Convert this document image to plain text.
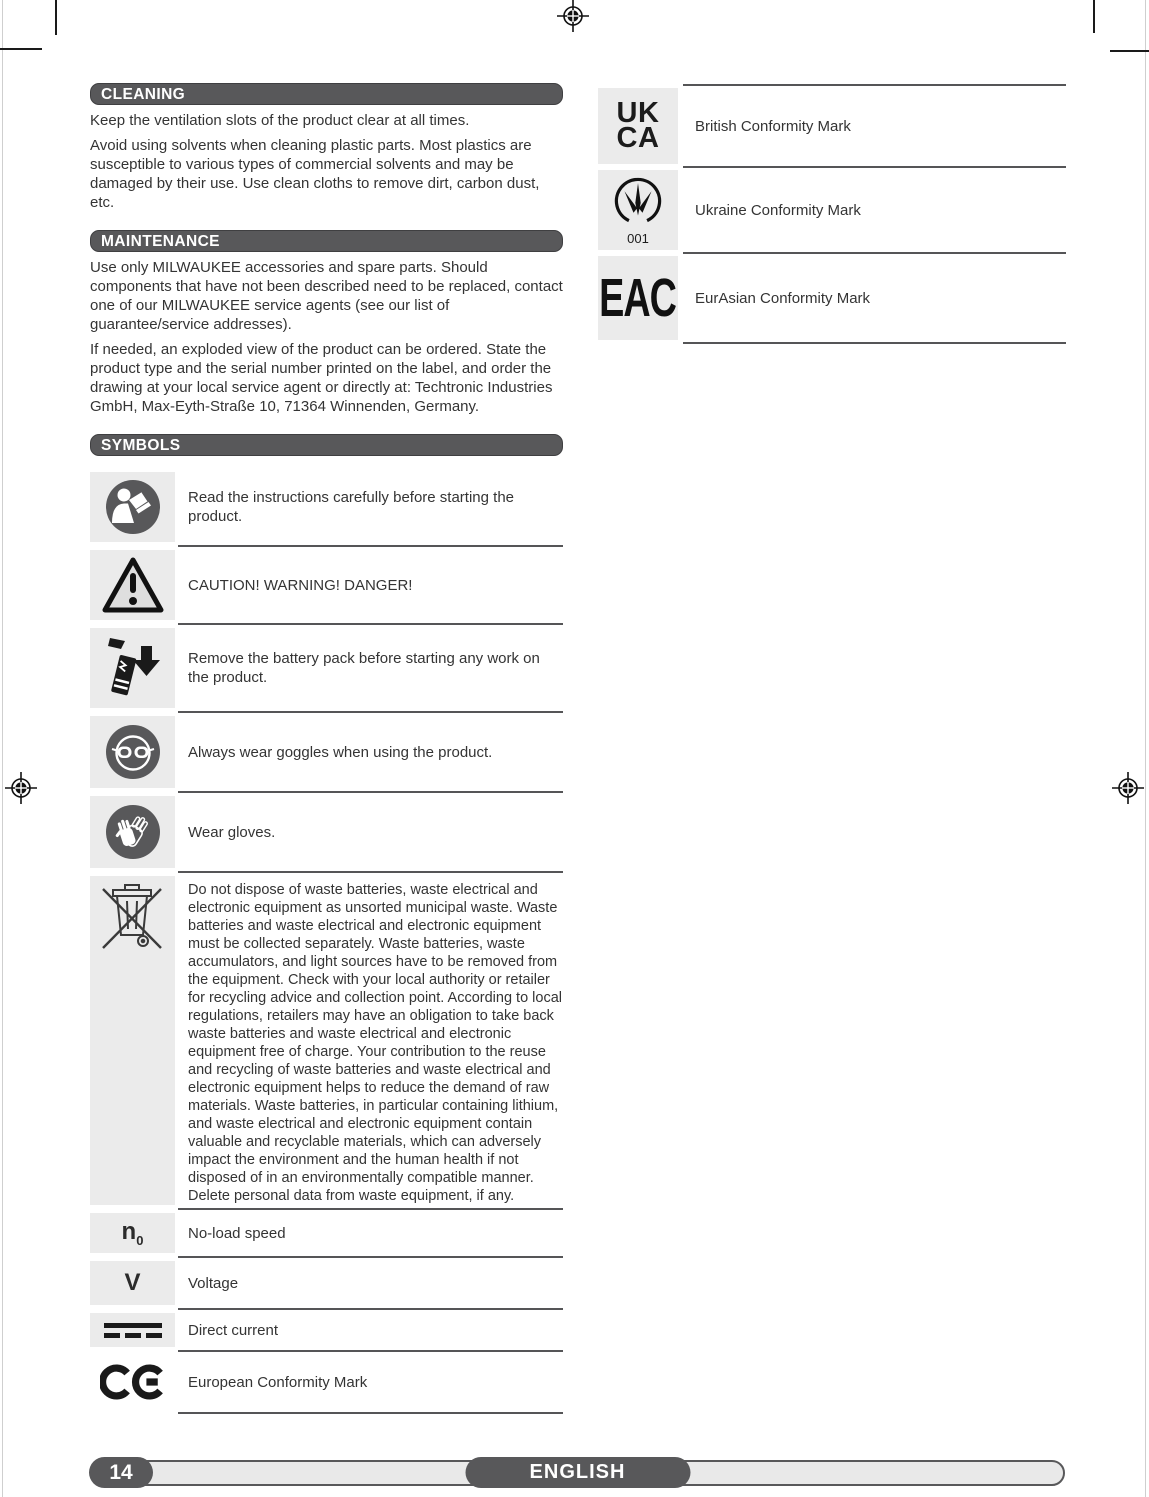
CLEANING
Keep the ventilation slots of the product clear at all times.
Avoid using solvents when cleaning plastic parts. Most plastics are susceptible to various types of commercial solvents and may be damaged by their use. Use clean cloths to remove dirt, carbon dust, etc.
MAINTENANCE
Use only MILWAUKEE accessories and spare parts. Should components that have not been described need to be replaced, contact one of our MILWAUKEE service agents (see our list of guarantee/service addresses).
If needed, an exploded view of the product can be ordered. State the product type and the serial number printed on the label, and order the drawing at your local service agent or directly at: Techtronic Industries GmbH, Max-Eyth-Straße 10, 71364 Winnenden, Germany.
SYMBOLS
Read the instructions carefully before starting the product.
CAUTION! WARNING! DANGER!
Remove the battery pack before starting any work on the product.
Always wear goggles when using the product.
Wear gloves.
Do not dispose of waste batteries, waste electrical and electronic equipment as unsorted municipal waste. Waste batteries and waste electrical and electronic equipment must be collected separately. Waste batteries, waste accumulators, and light sources have to be removed from the equipment. Check with your local authority or retailer for recycling advice and collection point. According to local regulations, retailers may have an obligation to take back waste batteries and waste electrical and electronic equipment free of charge. Your contribution to the reuse and recycling of waste batteries and waste electrical and electronic equipment helps to reduce the demand of raw materials. Waste batteries, in particular containing lithium, and waste electrical and electronic equipment contain valuable and recyclable materials, which can adversely impact the environment and the human health if not disposed of in an environmentally compatible manner. Delete personal data from waste equipment, if any.
$n_0$	No-load speed
V	Voltage
Direct current
European Conformity Mark
UK
CA	British Conformity Mark
001
Ukraine Conformity Mark
EAC	EurAsian Conformity Mark
14	ENGLISH
